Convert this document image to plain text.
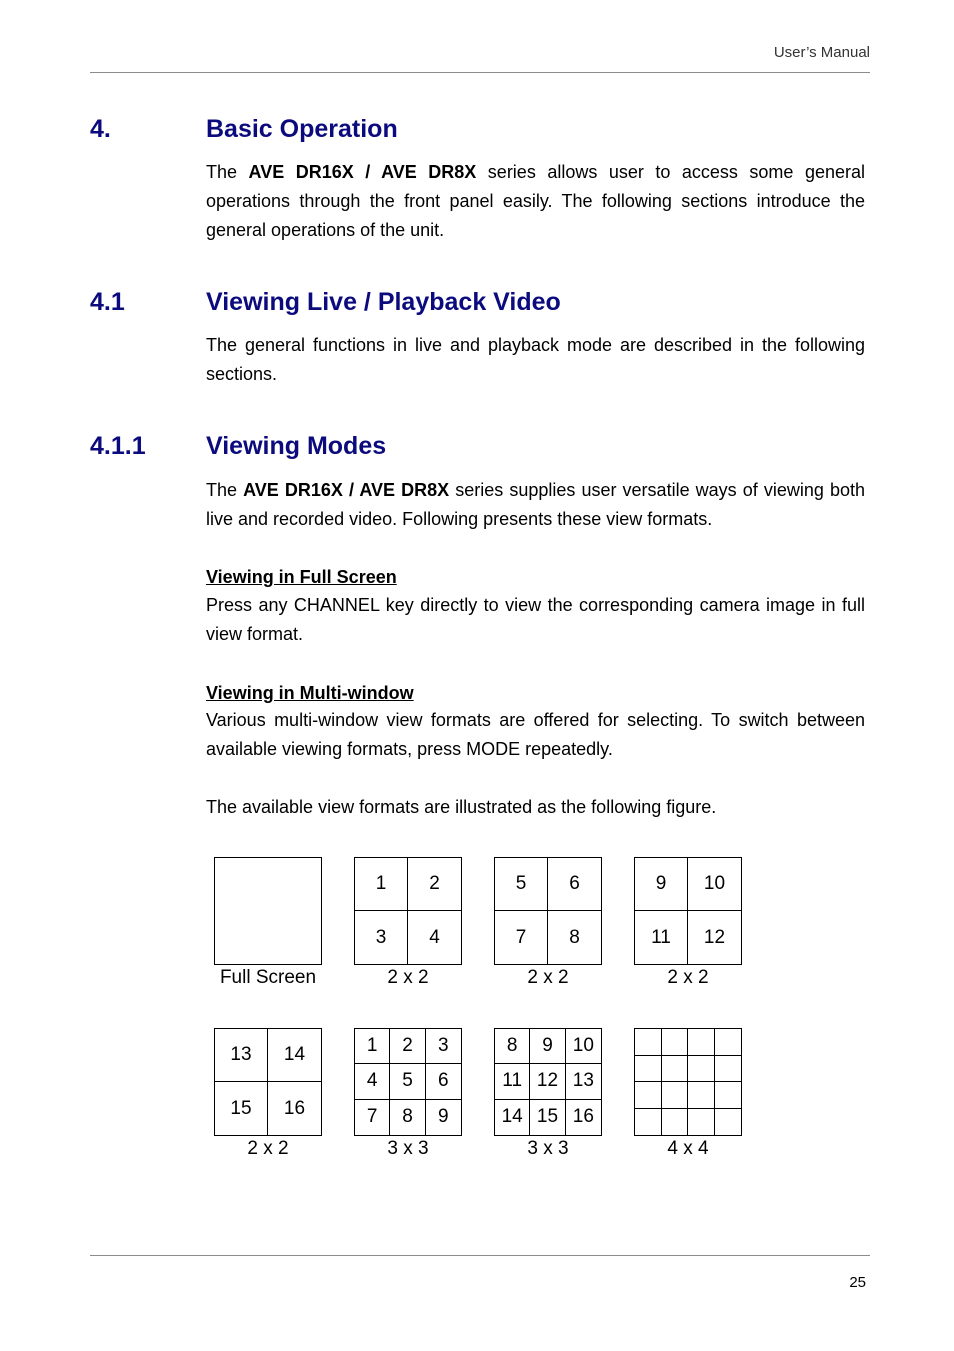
User’s Manual
4.	Basic Operation

The AVE DR16X / AVE DR8X series allows user to access some general operations through the front panel easily. The following sections introduce the general operations of the unit.

4.1	Viewing Live / Playback Video

The general functions in live and playback mode are described in the following sections.

4.1.1 Viewing Modes

The AVE DR16X / AVE DR8X series supplies user versatile ways of viewing both live and recorded video. Following presents these view formats.

Viewing in Full Screen

Press any CHANNEL key directly to view the corresponding camera image in full view format.

Viewing in Multi-window

Various multi-window view formats are offered for selecting. To switch between available viewing formats, press MODE repeatedly.

The available view formats are illustrated as the following figure.

Full Screen
1	2
3	4
2 x 2
5	6
7	8
2 x 2
9	10
11	12
2 x 2
13	14
15	16
2 x 2
1	2	3
4	5	6
7	8	9
3 x 3
8	9	10
11 12 13
14 15 16
3 x 3	4 x 4
25
